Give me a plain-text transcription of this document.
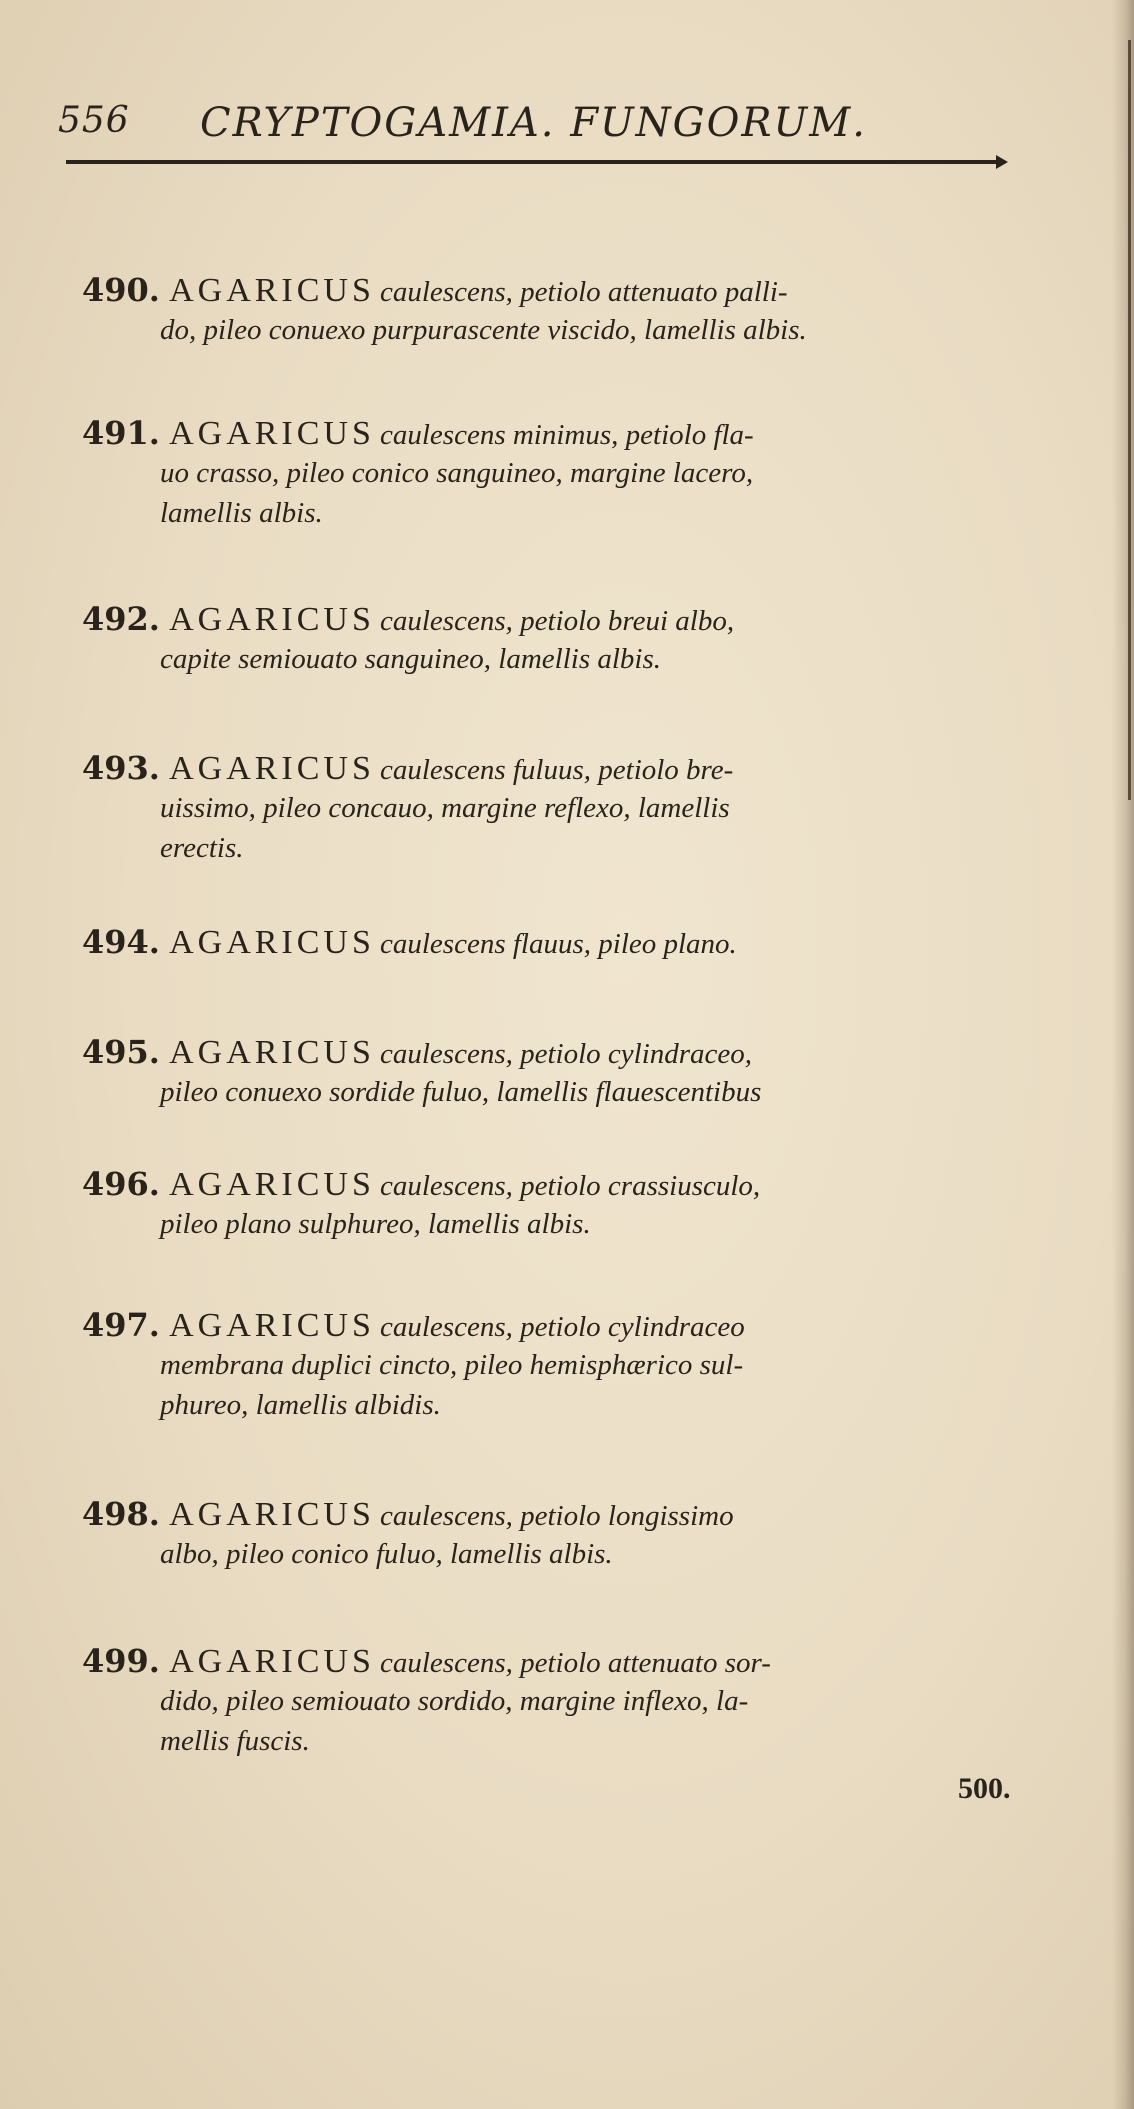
556 CRYPTOGAMIA. FUNGORUM.
490. AGARICUS caulescens, petiolo attenuato palli-
do, pileo conuexo purpurascente viscido, lamellis albis.
491. AGARICUS caulescens minimus, petiolo fla-
uo crasso, pileo conico sanguineo, margine lacero,
lamellis albis.
492. AGARICUS caulescens, petiolo breui albo,
capite semiouato sanguineo, lamellis albis.
493. AGARICUS caulescens fuluus, petiolo bre-
uissimo, pileo concauo, margine reflexo, lamellis
erectis.
494. AGARICUS caulescens flauus, pileo plano.
495. AGARICUS caulescens, petiolo cylindraceo,
pileo conuexo sordide fuluo, lamellis flauescentibus
496. AGARICUS caulescens, petiolo crassiusculo,
pileo plano sulphureo, lamellis albis.
497. AGARICUS caulescens, petiolo cylindraceo
membrana duplici cincto, pileo hemisphærico sul-
phureo, lamellis albidis.
498. AGARICUS caulescens, petiolo longissimo
albo, pileo conico fuluo, lamellis albis.
499. AGARICUS caulescens, petiolo attenuato sor-
dido, pileo semiouato sordido, margine inflexo, la-
mellis fuscis.
500.
